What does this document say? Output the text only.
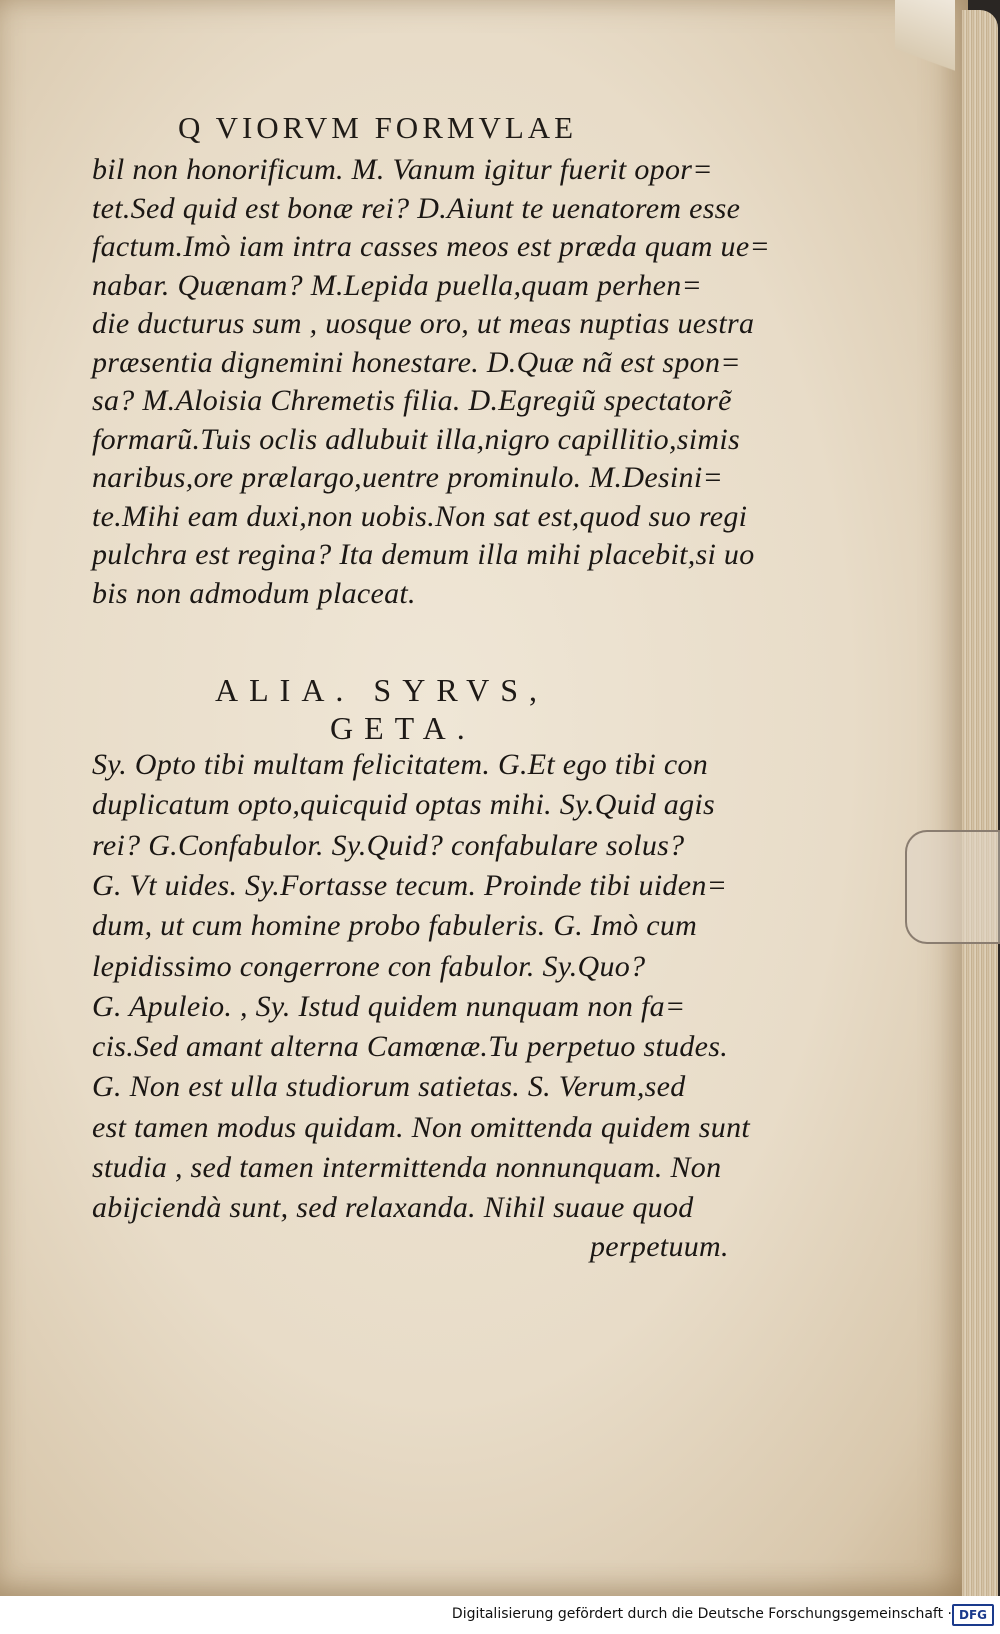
Q VIORVM FORMVLAE
bil non honorificum. M. Vanum igitur fuerit opor=
tet.Sed quid est bonæ rei? D.Aiunt te uenatorem esse
factum.Imò iam intra casses meos est præda quam ue=
nabar. Quænam? M.Lepida puella,quam perhen=
die ducturus sum , uosque oro, ut meas nuptias uestra
præsentia dignemini honestare. D.Quæ nã est spon=
sa? M.Aloisia Chremetis filia. D.Egregiũ spectatorẽ
formarũ.Tuis oclis adlubuit illa,nigro capillitio,simis
naribus,ore prælargo,uentre prominulo. M.Desini=
te.Mihi eam duxi,non uobis.Non sat est,quod suo regi
pulchra est regina? Ita demum illa mihi placebit,si uo
bis non admodum placeat.
ALIA. SYRVS,
GETA.
Sy. Opto tibi multam felicitatem. G.Et ego tibi con
duplicatum opto,quicquid optas mihi. Sy.Quid agis
rei? G.Confabulor. Sy.Quid? confabulare solus?
G. Vt uides. Sy.Fortasse tecum. Proinde tibi uiden=
dum, ut cum homine probo fabuleris. G. Imò cum
lepidissimo congerrone con fabulor. Sy.Quo?
G. Apuleio. , Sy. Istud quidem nunquam non fa=
cis.Sed amant alterna Camœnæ.Tu perpetuo studes.
G. Non est ulla studiorum satietas. S. Verum,sed
est tamen modus quidam. Non omittenda quidem sunt
studia , sed tamen intermittenda nonnunquam. Non
abijciendà sunt, sed relaxanda. Nihil suaue quod
perpetuum.
Digitalisierung gefördert durch die Deutsche Forschungsgemeinschaft · DFG
